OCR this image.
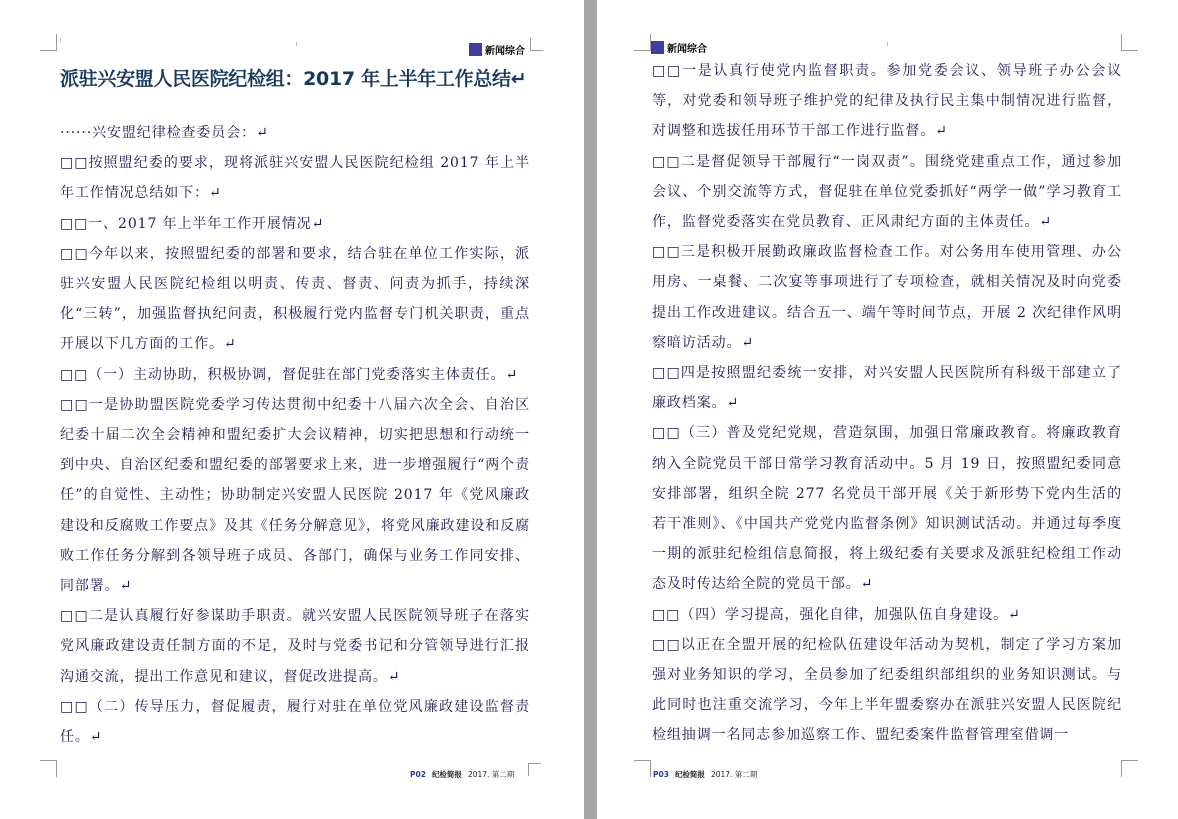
新闻综合
派驻兴安盟人民医院纪检组：2017 年上半年工作总结↵

······兴安盟纪律检查委员会：↵

□□按照盟纪委的要求，现将派驻兴安盟人民医院纪检组 2017 年上半年工作情况总结如下：↵

□□一、2017 年上半年工作开展情况↵

□□今年以来，按照盟纪委的部署和要求，结合驻在单位工作实际，派驻兴安盟人民医院纪检组以明责、传责、督责、问责为抓手，持续深化“三转”，加强监督执纪问责，积极履行党内监督专门机关职责，重点开展以下几方面的工作。↵

□□（一）主动协助，积极协调，督促驻在部门党委落实主体责任。↵

□□一是协助盟医院党委学习传达贯彻中纪委十八届六次全会、自治区纪委十届二次全会精神和盟纪委扩大会议精神，切实把思想和行动统一到中央、自治区纪委和盟纪委的部署要求上来，进一步增强履行“两个责任”的自觉性、主动性；协助制定兴安盟人民医院 2017 年《党风廉政建设和反腐败工作要点》及其《任务分解意见》，将党风廉政建设和反腐败工作任务分解到各领导班子成员、各部门，确保与业务工作同安排、同部署。↵

□□二是认真履行好参谋助手职责。就兴安盟人民医院领导班子在落实党风廉政建设责任制方面的不足，及时与党委书记和分管领导进行汇报沟通交流，提出工作意见和建议，督促改进提高。↵

□□（二）传导压力，督促履责，履行对驻在单位党风廉政建设监督责任。↵

P02 纪检简报 2017. 第二期
新闻综合
P03 纪检简报 2017. 第二期

□□一是认真行使党内监督职责。参加党委会议、领导班子办公会议等，对党委和领导班子维护党的纪律及执行民主集中制情况进行监督，对调整和选拔任用环节干部工作进行监督。↵

□□二是督促领导干部履行“一岗双责”。围绕党建重点工作，通过参加会议、个别交流等方式，督促驻在单位党委抓好“两学一做”学习教育工作，监督党委落实在党员教育、正风肃纪方面的主体责任。↵

□□三是积极开展勤政廉政监督检查工作。对公务用车使用管理、办公用房、一桌餐、二次宴等事项进行了专项检查，就相关情况及时向党委提出工作改进建议。结合五一、端午等时间节点，开展 2 次纪律作风明察暗访活动。↵

□□四是按照盟纪委统一安排，对兴安盟人民医院所有科级干部建立了廉政档案。↵

□□（三）普及党纪党规，营造氛围，加强日常廉政教育。将廉政教育纳入全院党员干部日常学习教育活动中。5 月 19 日，按照盟纪委同意安排部署，组织全院 277 名党员干部开展《关于新形势下党内生活的若干准则》、《中国共产党党内监督条例》知识测试活动。并通过每季度一期的派驻纪检组信息简报，将上级纪委有关要求及派驻纪检组工作动态及时传达给全院的党员干部。↵

□□（四）学习提高，强化自律，加强队伍自身建设。↵

□□以正在全盟开展的纪检队伍建设年活动为契机，制定了学习方案加强对业务知识的学习，全员参加了纪委组织部组织的业务知识测试。与此同时也注重交流学习，今年上半年盟委察办在派驻兴安盟人民医院纪检组抽调一名同志参加巡察工作、盟纪委案件监督管理室借调一
